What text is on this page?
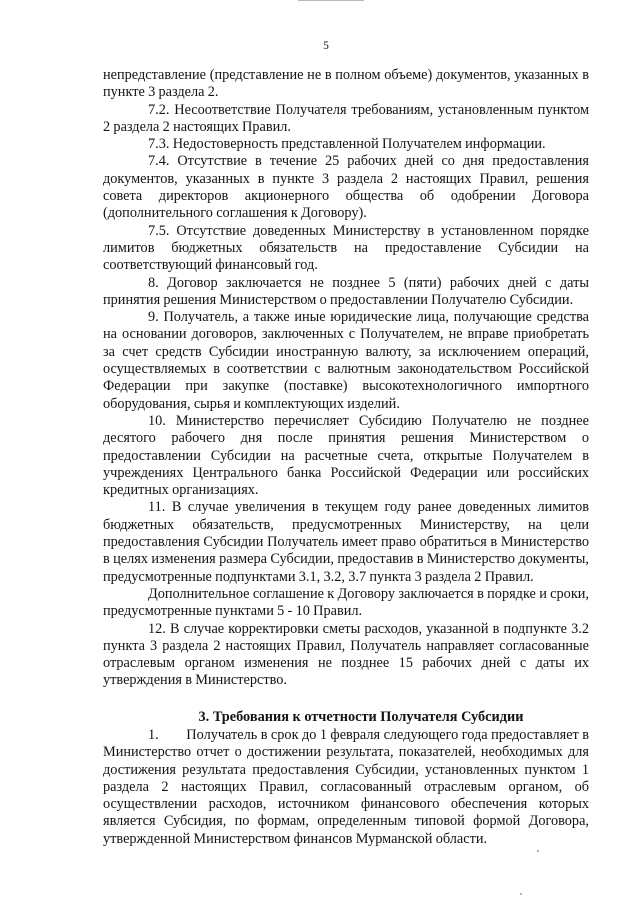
5

непредставление (представление не в полном объеме) документов, указанных в пункте 3 раздела 2.

7.2. Несоответствие Получателя требованиям, установленным пунктом 2 раздела 2 настоящих Правил.

7.3. Недостоверность представленной Получателем информации.

7.4. Отсутствие в течение 25 рабочих дней со дня предоставления документов, указанных в пункте 3 раздела 2 настоящих Правил, решения совета директоров акционерного общества об одобрении Договора (дополнительного соглашения к Договору).

7.5. Отсутствие доведенных Министерству в установленном порядке лимитов бюджетных обязательств на предоставление Субсидии на соответствующий финансовый год.

8. Договор заключается не позднее 5 (пяти) рабочих дней с даты принятия решения Министерством о предоставлении Получателю Субсидии.

9. Получатель, а также иные юридические лица, получающие средства на основании договоров, заключенных с Получателем, не вправе приобретать за счет средств Субсидии иностранную валюту, за исключением операций, осуществляемых в соответствии с валютным законодательством Российской Федерации при закупке (поставке) высокотехнологичного импортного оборудования, сырья и комплектующих изделий.

10. Министерство перечисляет Субсидию Получателю не позднее десятого рабочего дня после принятия решения Министерством о предоставлении Субсидии на расчетные счета, открытые Получателем в учреждениях Центрального банка Российской Федерации или российских кредитных организациях.

11. В случае увеличения в текущем году ранее доведенных лимитов бюджетных обязательств, предусмотренных Министерству, на цели предоставления Субсидии Получатель имеет право обратиться в Министерство в целях изменения размера Субсидии, предоставив в Министерство документы, предусмотренные подпунктами 3.1, 3.2, 3.7 пункта 3 раздела 2 Правил.

Дополнительное соглашение к Договору заключается в порядке и сроки, предусмотренные пунктами 5 - 10 Правил.

12. В случае корректировки сметы расходов, указанной в подпункте 3.2 пункта 3 раздела 2 настоящих Правил, Получатель направляет согласованные отраслевым органом изменения не позднее 15 рабочих дней с даты их утверждения в Министерство.

3. Требования к отчетности Получателя Субсидии

1.        Получатель в срок до 1 февраля следующего года предоставляет в Министерство отчет о достижении результата, показателей, необходимых для достижения результата предоставления Субсидии, установленных пунктом 1 раздела 2 настоящих Правил, согласованный отраслевым органом, об осуществлении расходов, источником финансового обеспечения которых является Субсидия, по формам, определенным типовой формой Договора, утвержденной Министерством финансов Мурманской области.
